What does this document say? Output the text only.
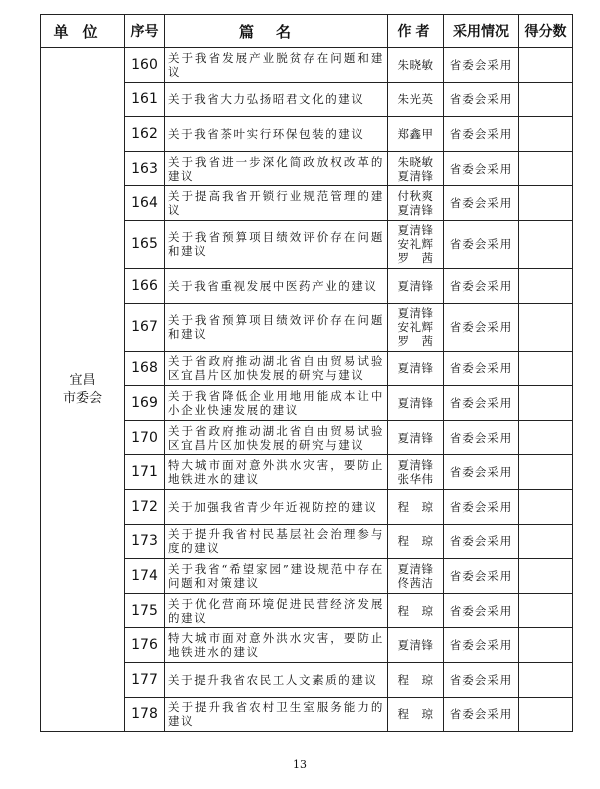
单位	序号	篇名	作者	采用情况	得分数

宜昌
市委会	160	关于我省发展产业脱贫存在问题和建议	朱晓敏	省委会采用	
	161	关于我省大力弘扬昭君文化的建议	朱光英	省委会采用	
	162	关于我省茶叶实行环保包装的建议	郑鑫甲	省委会采用	
	163	关于我省进一步深化简政放权改革的建议	朱晓敏
夏清锋	省委会采用	
	164	关于提高我省开锁行业规范管理的建议	付秋爽
夏清锋	省委会采用	
	165	关于我省预算项目绩效评价存在问题和建议	夏清锋
安礼辉
罗　茜	省委会采用	
	166	关于我省重视发展中医药产业的建议	夏清锋	省委会采用	
	167	关于我省预算项目绩效评价存在问题和建议	夏清锋
安礼辉
罗　茜	省委会采用	
	168	关于省政府推动湖北省自由贸易试验区宜昌片区加快发展的研究与建议	夏清锋	省委会采用	
	169	关于我省降低企业用地用能成本让中小企业快速发展的建议	夏清锋	省委会采用	
	170	关于省政府推动湖北省自由贸易试验区宜昌片区加快发展的研究与建议	夏清锋	省委会采用	
	171	特大城市面对意外洪水灾害，要防止地铁进水的建议	夏清锋
张华伟	省委会采用	
	172	关于加强我省青少年近视防控的建议	程　琼	省委会采用	
	173	关于提升我省村民基层社会治理参与度的建议	程　琼	省委会采用	
	174	关于我省“希望家园”建设规范中存在问题和对策建议	夏清锋
佟茜洁	省委会采用	
	175	关于优化营商环境促进民营经济发展的建议	程　琼	省委会采用	
	176	特大城市面对意外洪水灾害，要防止地铁进水的建议	夏清锋	省委会采用	
	177	关于提升我省农民工人文素质的建议	程　琼	省委会采用	
	178	关于提升我省农村卫生室服务能力的建议	程　琼	省委会采用	
13
